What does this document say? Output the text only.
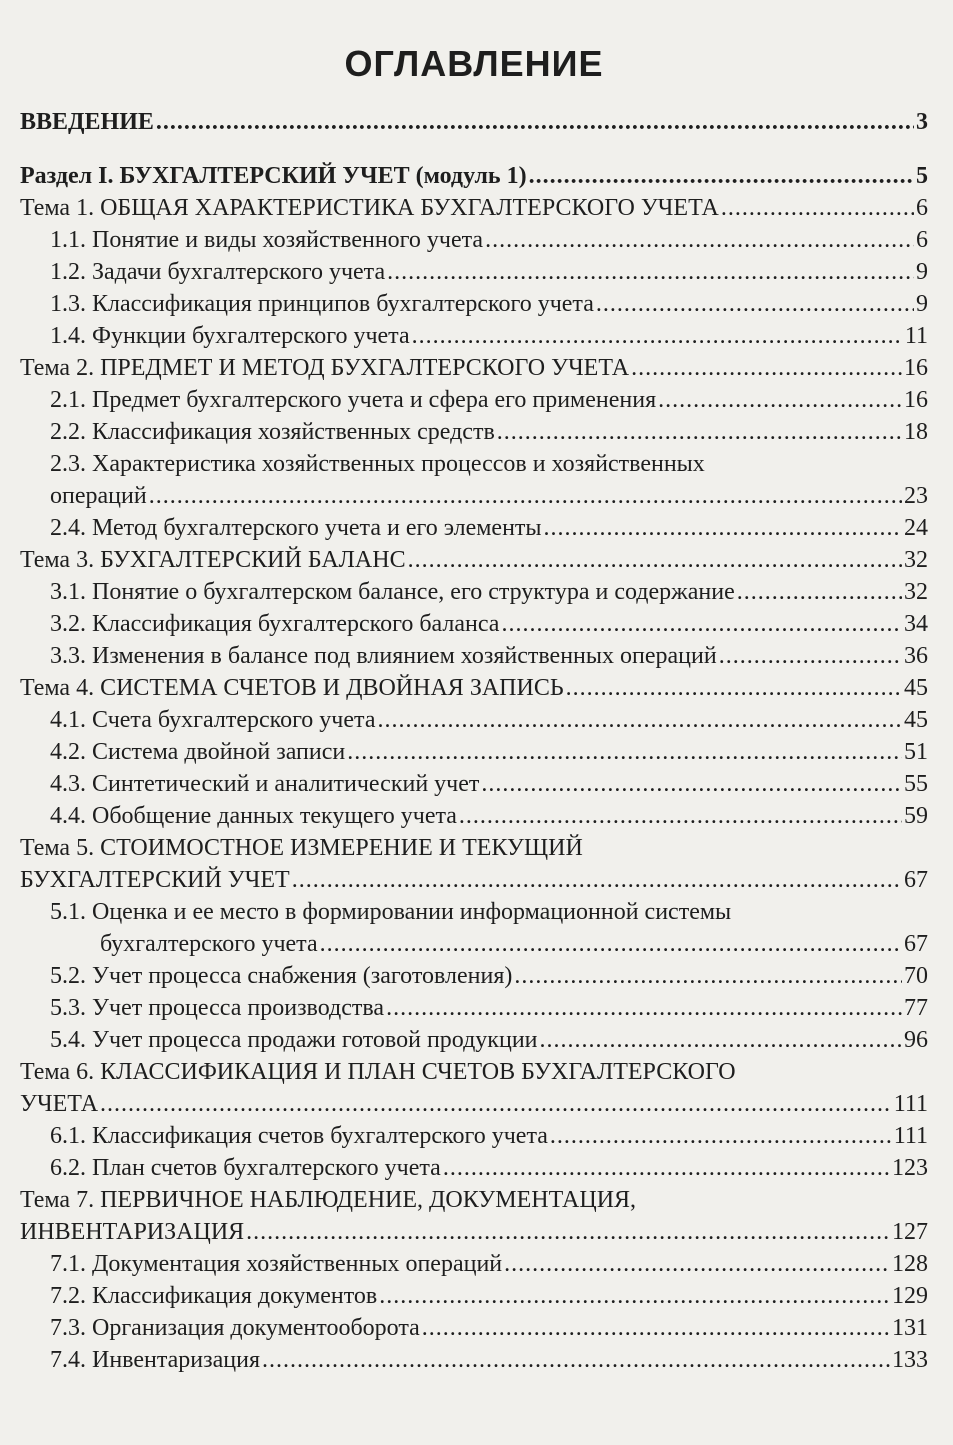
ОГЛАВЛЕНИЕ
ВВЕДЕНИЕ .....	3
Раздел I. БУХГАЛТЕРСКИЙ УЧЕТ (модуль 1) .....	5
Тема 1. ОБЩАЯ ХАРАКТЕРИСТИКА БУХГАЛТЕРСКОГО УЧЕТА .....	6
1.1. Понятие и виды хозяйственного учета .....	6
1.2. Задачи бухгалтерского учета .....	9
1.3. Классификация принципов бухгалтерского учета .....	9
1.4. Функции бухгалтерского учета .....	11
Тема 2. ПРЕДМЕТ И МЕТОД БУХГАЛТЕРСКОГО УЧЕТА .....	16
2.1. Предмет бухгалтерского учета и сфера его применения .....	16
2.2. Классификация хозяйственных средств .....	18
2.3. Характеристика хозяйственных процессов и хозяйственных
операций .....	23
2.4. Метод бухгалтерского учета и его элементы .....	24
Тема 3. БУХГАЛТЕРСКИЙ БАЛАНС .....	32
3.1. Понятие о бухгалтерском балансе, его структура и содержание .....	32
3.2. Классификация бухгалтерского баланса .....	34
3.3. Изменения в балансе под влиянием хозяйственных операций .....	36
Тема 4. СИСТЕМА СЧЕТОВ И ДВОЙНАЯ ЗАПИСЬ .....	45
4.1. Счета бухгалтерского учета .....	45
4.2. Система двойной записи .....	51
4.3. Синтетический и аналитический учет .....	55
4.4. Обобщение данных текущего учета .....	59
Тема 5. СТОИМОСТНОЕ ИЗМЕРЕНИЕ И ТЕКУЩИЙ
БУХГАЛТЕРСКИЙ УЧЕТ .....	67
5.1. Оценка и ее место в формировании информационной системы
бухгалтерского учета .....	67
5.2. Учет процесса снабжения (заготовления) .....	70
5.3. Учет процесса производства .....	77
5.4. Учет процесса продажи готовой продукции .....	96
Тема 6. КЛАССИФИКАЦИЯ И ПЛАН СЧЕТОВ БУХГАЛТЕРСКОГО
УЧЕТА .....	111
6.1. Классификация счетов бухгалтерского учета .....	111
6.2. План счетов бухгалтерского учета .....	123
Тема 7. ПЕРВИЧНОЕ НАБЛЮДЕНИЕ, ДОКУМЕНТАЦИЯ,
ИНВЕНТАРИЗАЦИЯ .....	127
7.1. Документация хозяйственных операций .....	128
7.2. Классификация документов .....	129
7.3. Организация документооборота .....	131
7.4. Инвентаризация .....	133
